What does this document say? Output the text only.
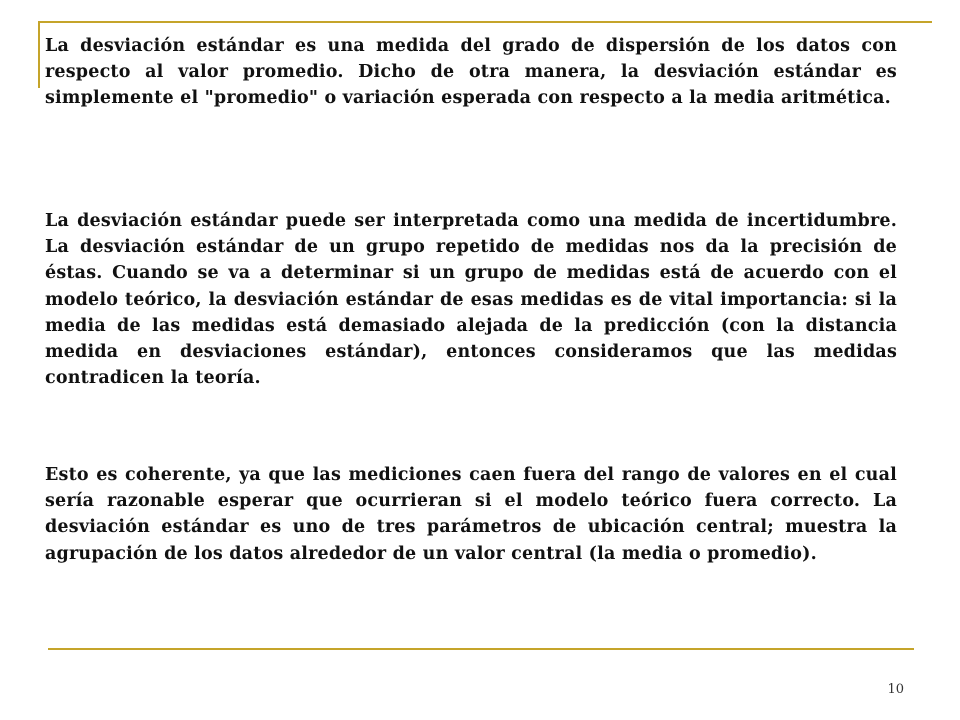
La desviación estándar es una medida del grado de dispersión de los datos con respecto al valor promedio. Dicho de otra manera, la desviación estándar es simplemente el "promedio" o variación esperada con respecto a la media aritmética.

La desviación estándar puede ser interpretada como una medida de incertidumbre. La desviación estándar de un grupo repetido de medidas nos da la precisión de éstas. Cuando se va a determinar si un grupo de medidas está de acuerdo con el modelo teórico, la desviación estándar de esas medidas es de vital importancia: si la media de las medidas está demasiado alejada de la predicción (con la distancia medida en desviaciones estándar), entonces consideramos que las medidas contradicen la teoría.

Esto es coherente, ya que las mediciones caen fuera del rango de valores en el cual sería razonable esperar que ocurrieran si el modelo teórico fuera correcto. La desviación estándar es uno de tres parámetros de ubicación central; muestra la agrupación de los datos alrededor de un valor central (la media o promedio).

10
